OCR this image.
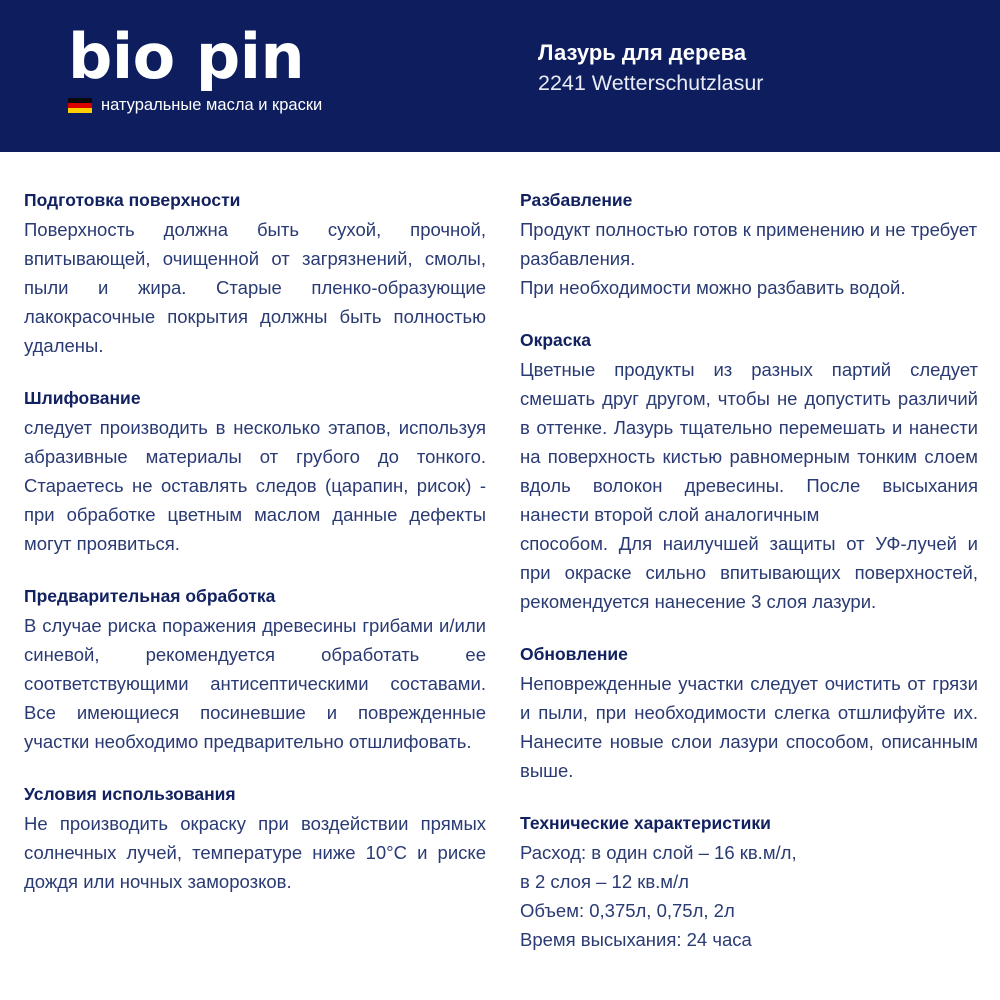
bio pin
натуральные масла и краски
Лазурь для дерева
2241 Wetterschutzlasur
Подготовка поверхности

Поверхность должна быть сухой, прочной, впитывающей, очищенной от загрязнений, смолы, пыли и жира. Старые пленко-образующие лакокрасочные покрытия должны быть полностью удалены.

Шлифование

следует производить в несколько этапов, используя абразивные материалы от грубого до тонкого. Стараетесь не оставлять следов (царапин, рисок) - при обработке цветным маслом данные дефекты могут проявиться.

Предварительная обработка

В случае риска поражения древесины грибами и/или синевой, рекомендуется обработать ее соответствующими антисептическими составами. Все имеющиеся посиневшие и поврежденные участки необходимо предварительно отшлифовать.

Условия использования

Не производить окраску при воздействии прямых солнечных лучей, температуре ниже 10°C и риске дождя или ночных заморозков.

Разбавление

Продукт полностью готов к применению и не требует разбавления.

При необходимости можно разбавить водой.

Окраска

Цветные продукты из разных партий следует смешать друг другом, чтобы не допустить различий в оттенке. Лазурь тщательно перемешать и нанести на поверхность кистью равномерным тонким слоем вдоль волокон древесины. После высыхания нанести второй слой аналогичным

способом. Для наилучшей защиты от УФ-лучей и при окраске сильно впитывающих поверхностей, рекомендуется нанесение 3 слоя лазури.

Обновление

Неповрежденные участки следует очистить от грязи и пыли, при необходимости слегка отшлифуйте их. Нанесите новые слои лазури способом, описанным выше.

Технические характеристики

Расход: в один слой – 16 кв.м/л,

в 2 слоя – 12 кв.м/л

Объем: 0,375л, 0,75л, 2л

Время высыхания: 24 часа
